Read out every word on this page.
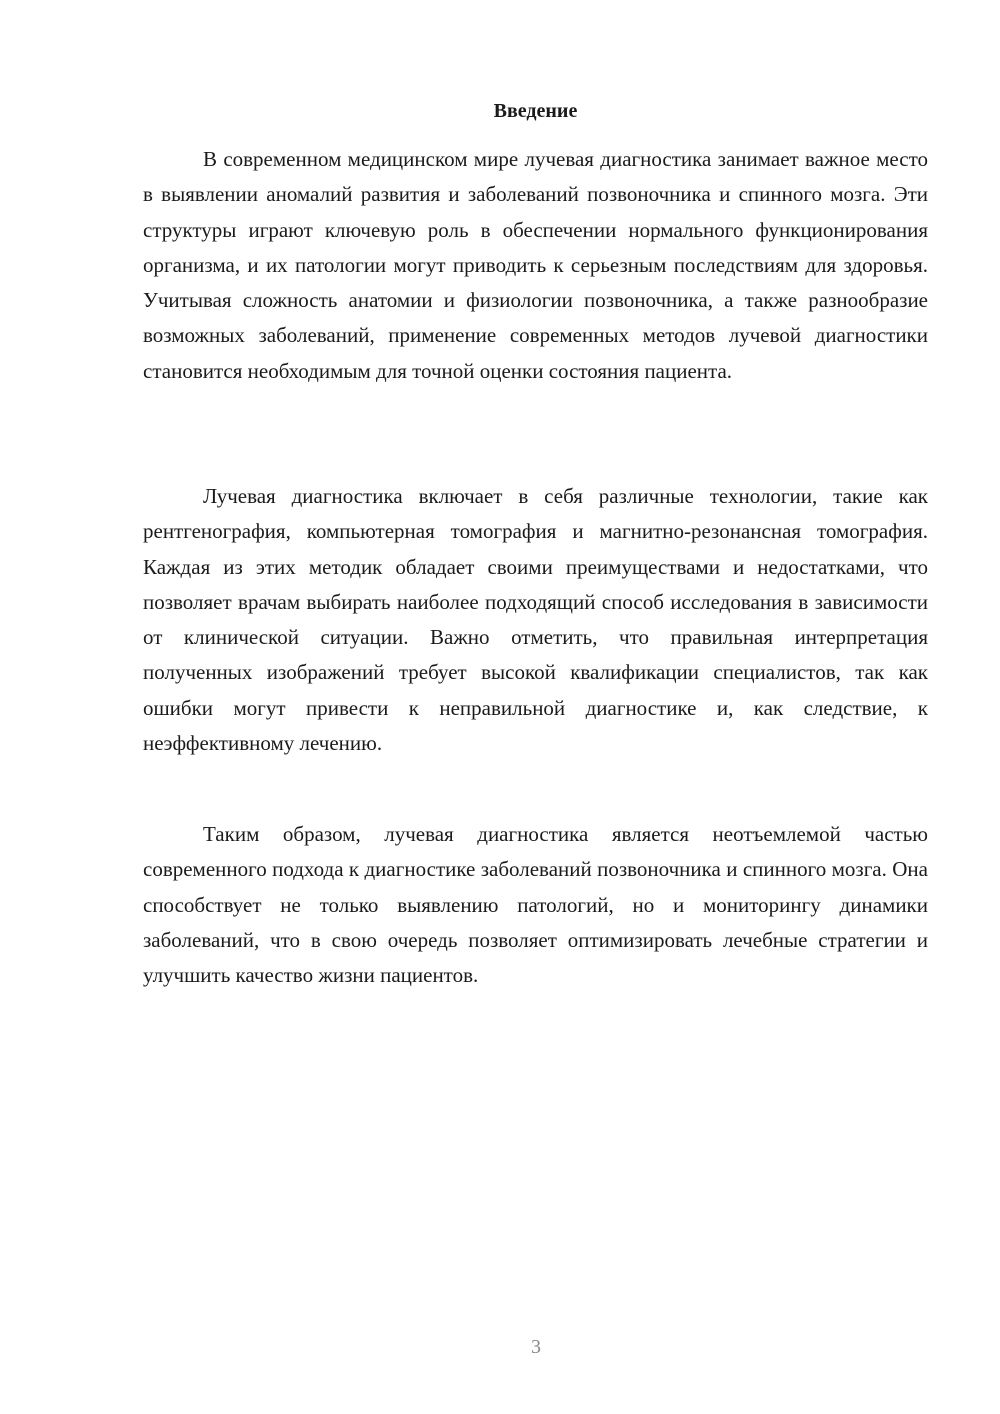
Введение

В современном медицинском мире лучевая диагностика занимает важное место в выявлении аномалий развития и заболеваний позвоночника и спинного мозга. Эти структуры играют ключевую роль в обеспечении нормального функционирования организма, и их патологии могут приводить к серьезным последствиям для здоровья. Учитывая сложность анатомии и физиологии позвоночника, а также разнообразие возможных заболеваний, применение современных методов лучевой диагностики становится необходимым для точной оценки состояния пациента.

Лучевая диагностика включает в себя различные технологии, такие как рентгенография, компьютерная томография и магнитно-резонансная томография. Каждая из этих методик обладает своими преимуществами и недостатками, что позволяет врачам выбирать наиболее подходящий способ исследования в зависимости от клинической ситуации. Важно отметить, что правильная интерпретация полученных изображений требует высокой квалификации специалистов, так как ошибки могут привести к неправильной диагностике и, как следствие, к неэффективному лечению.

Таким образом, лучевая диагностика является неотъемлемой частью современного подхода к диагностике заболеваний позвоночника и спинного мозга. Она способствует не только выявлению патологий, но и мониторингу динамики заболеваний, что в свою очередь позволяет оптимизировать лечебные стратегии и улучшить качество жизни пациентов.

3
